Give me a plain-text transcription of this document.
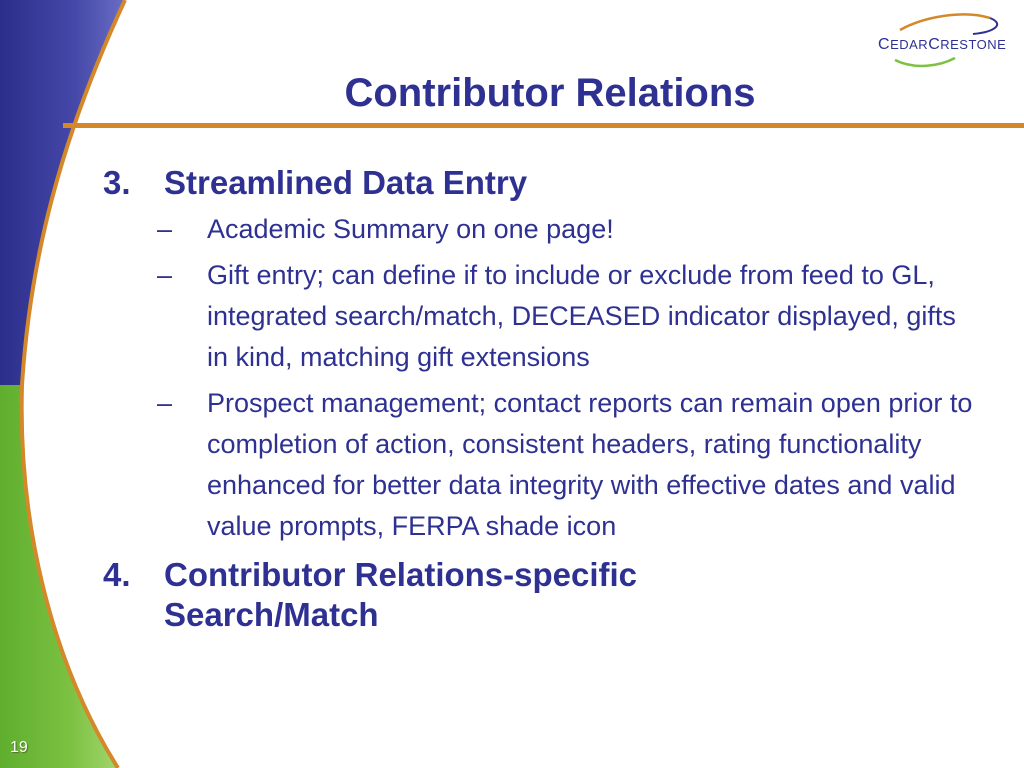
CEDARCRESTONE
Contributor Relations
3. Streamlined Data Entry
– Academic Summary on one page!
– Gift entry; can define if to include or exclude from feed to GL, integrated search/match, DECEASED indicator displayed, gifts in kind, matching gift extensions
– Prospect management; contact reports can remain open prior to completion of action, consistent headers, rating functionality enhanced for better data integrity with effective dates and valid value prompts, FERPA shade icon
4. Contributor Relations-specific Search/Match
19
